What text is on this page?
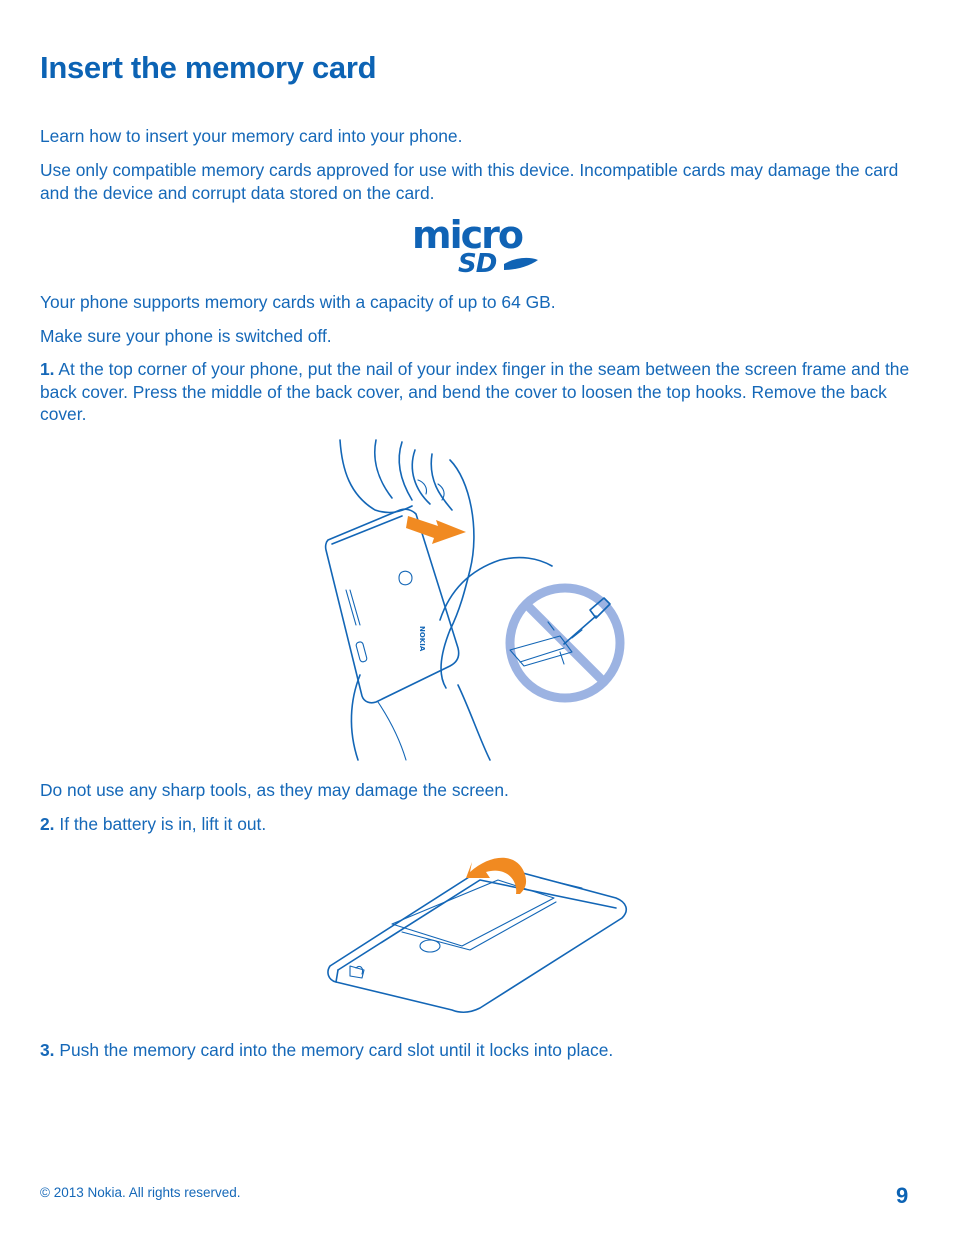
Insert the memory card
Learn how to insert your memory card into your phone.
Use only compatible memory cards approved for use with this device. Incompatible cards may damage the card and the device and corrupt data stored on the card.
micro
SD
Your phone supports memory cards with a capacity of up to 64 GB.
Make sure your phone is switched off.
1. At the top corner of your phone, put the nail of your index finger in the seam between the screen frame and the back cover. Press the middle of the back cover, and bend the cover to loosen the top hooks. Remove the back cover.
NOKIA
Do not use any sharp tools, as they may damage the screen.
2. If the battery is in, lift it out.
3. Push the memory card into the memory card slot until it locks into place.
© 2013 Nokia. All rights reserved.	9
